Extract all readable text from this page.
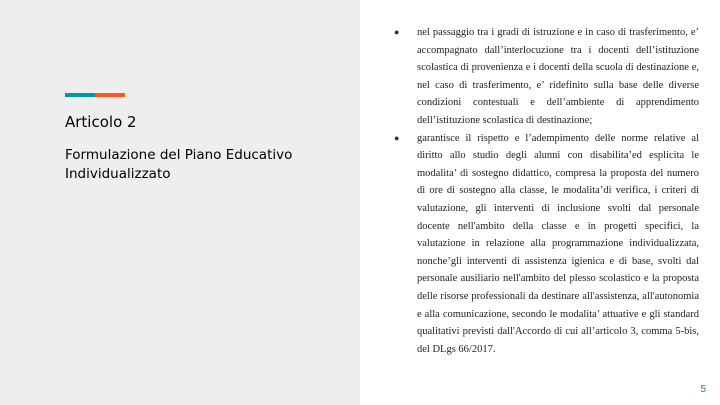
Articolo 2
Formulazione del Piano Educativo Individualizzato
● nel passaggio tra i gradi di istruzione e in caso di trasferimento, e’ accompagnato dall’interlocuzione tra i docenti dell’istituzione scolastica di provenienza e i docenti della scuola di destinazione e, nel caso di trasferimento, e’ ridefinito sulla base delle diverse condizioni contestuali e dell’ambiente di apprendimento dell’istituzione scolastica di destinazione;
● garantisce il rispetto e l’adempimento delle norme relative al diritto allo studio degli alunni con disabilita’ed esplicita le modalita’ di sostegno didattico, compresa la proposta del numero di ore di sostegno alla classe, le modalita’di verifica, i criteri di valutazione, gli interventi di inclusione svolti dal personale docente nell'ambito della classe e in progetti specifici, la valutazione in relazione alla programmazione individualizzata, nonche’gli interventi di assistenza igienica e di base, svolti dal personale ausiliario nell'ambito del plesso scolastico e la proposta delle risorse professionali da destinare all'assistenza, all'autonomia e alla comunicazione, secondo le modalita’ attuative e gli standard qualitativi previsti dall'Accordo di cui all’articolo 3, comma 5-bis, del DLgs 66/2017.
5
